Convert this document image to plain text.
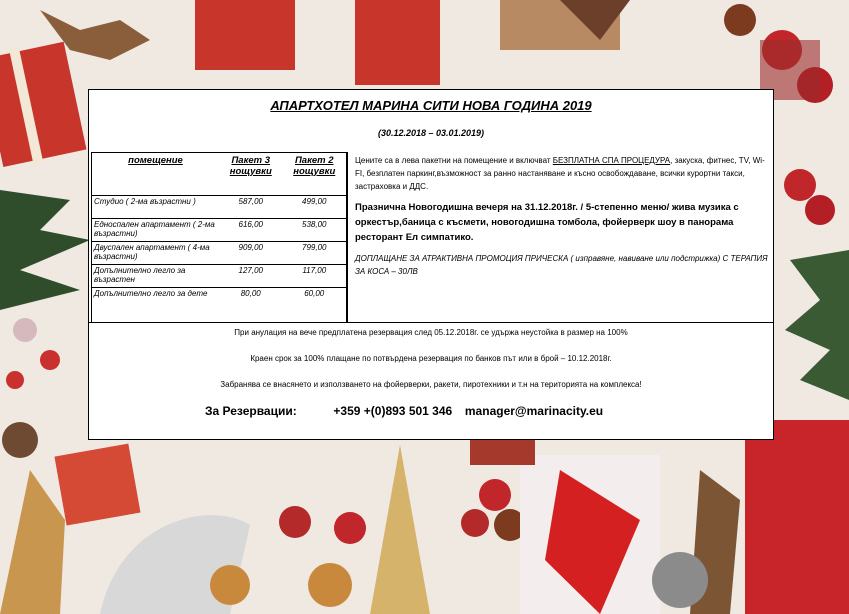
АПАРТХОТЕЛ МАРИНА СИТИ НОВА ГОДИНА 2019
(30.12.2018 – 03.01.2019)
помещение	Пакет 3 нощувки	Пакет 2 нощувки
Студио ( 2-ма възрастни )	587,00	499,00
Едноспален апартамент ( 2-ма възрастни)	616,00	538,00
Двуспален апартамент ( 4-ма възрастни)	909,00	799,00
Допълнително легло за възрастен	127,00	117,00
Допълнително легло за дете	80,00	60,00

Цените са в лева пакетни на помещение и включват БЕЗПЛАТНА СПА ПРОЦЕДУРА, закуска, фитнес, TV, Wi- FI, безплатен паркинг,възможност за ранно настаняване и късно освобождаване, всички курортни такси, застраховка и ДДС.

Празнична Новогодишна вечеря на 31.12.2018г. / 5-степенно меню/ жива музика с оркестър,баница с късмети, новогодишна томбола, фойерверк шоу в панорама ресторант Ел симпатико.

ДОПЛАЩАНЕ ЗА АТРАКТИВНА ПРОМОЦИЯ ПРИЧЕСКА ( изправяне, навиване или подстрижка) С ТЕРАПИЯ ЗА КОСА – 30ЛВ

При анулация на вече предплатена резервация след 05.12.2018г. се удържа неустойка в размер на 100%
Краен срок за 100% плащане по потвърдена резервация по банков път или в брой – 10.12.2018г.
Забранява се внасянето и използването на фойерверки, ракети, пиротехники и т.н на територията на комплекса!
За Резервации:	+359 +(0)893 501 346 manager@marinacity.eu
